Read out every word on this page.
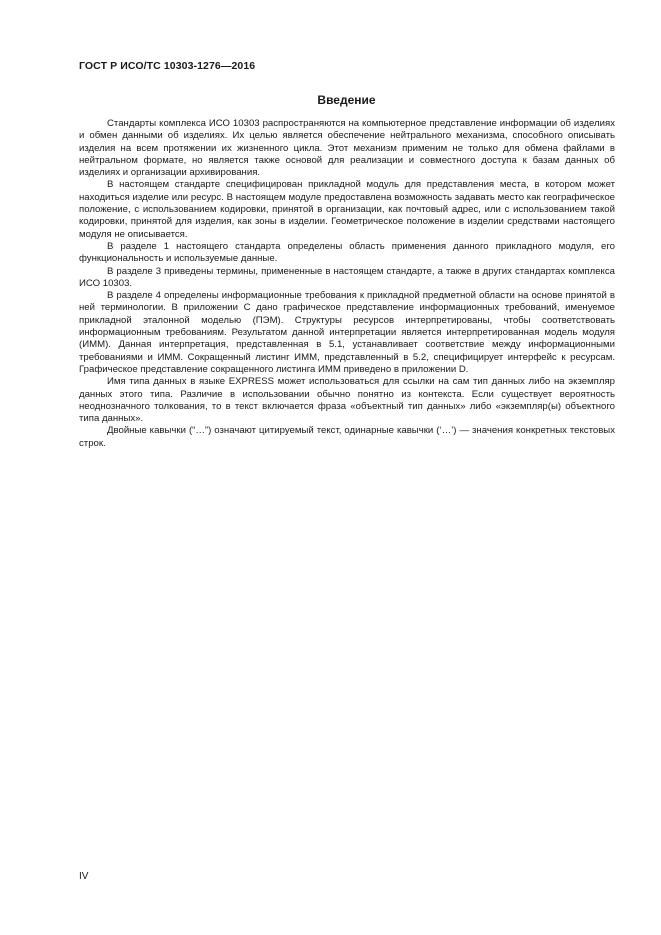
ГОСТ Р ИСО/ТС 10303-1276—2016
Введение

Стандарты комплекса ИСО 10303 распространяются на компьютерное представление информации об изделиях и обмен данными об изделиях. Их целью является обеспечение нейтрального механизма, способного описывать изделия на всем протяжении их жизненного цикла. Этот механизм применим не только для обмена файлами в нейтральном формате, но является также основой для реализации и совместного доступа к базам данных об изделиях и организации архивирования.

В настоящем стандарте специфицирован прикладной модуль для представления места, в котором может находиться изделие или ресурс. В настоящем модуле предоставлена возможность задавать место как географическое положение, с использованием кодировки, принятой в организации, как почтовый адрес, или с использованием такой кодировки, принятой для изделия, как зоны в изделии. Геометрическое положение в изделии средствами настоящего модуля не описывается.

В разделе 1 настоящего стандарта определены область применения данного прикладного модуля, его функциональность и используемые данные.

В разделе 3 приведены термины, примененные в настоящем стандарте, а также в других стандартах комплекса ИСО 10303.

В разделе 4 определены информационные требования к прикладной предметной области на основе принятой в ней терминологии. В приложении С дано графическое представление информационных требований, именуемое прикладной эталонной моделью (ПЭМ). Структуры ресурсов интерпретированы, чтобы соответствовать информационным требованиям. Результатом данной интерпретации является интерпретированная модель модуля (ИММ). Данная интерпретация, представленная в 5.1, устанавливает соответствие между информационными требованиями и ИММ. Сокращенный листинг ИММ, представленный в 5.2, специфицирует интерфейс к ресурсам. Графическое представление сокращенного листинга ИММ приведено в приложении D.

Имя типа данных в языке EXPRESS может использоваться для ссылки на сам тип данных либо на экземпляр данных этого типа. Различие в использовании обычно понятно из контекста. Если существует вероятность неоднозначного толкования, то в текст включается фраза «объектный тип данных» либо «экземпляр(ы) объектного типа данных».

Двойные кавычки (“…”) означают цитируемый текст, одинарные кавычки (‘…’) — значения конкретных текстовых строк.

IV
